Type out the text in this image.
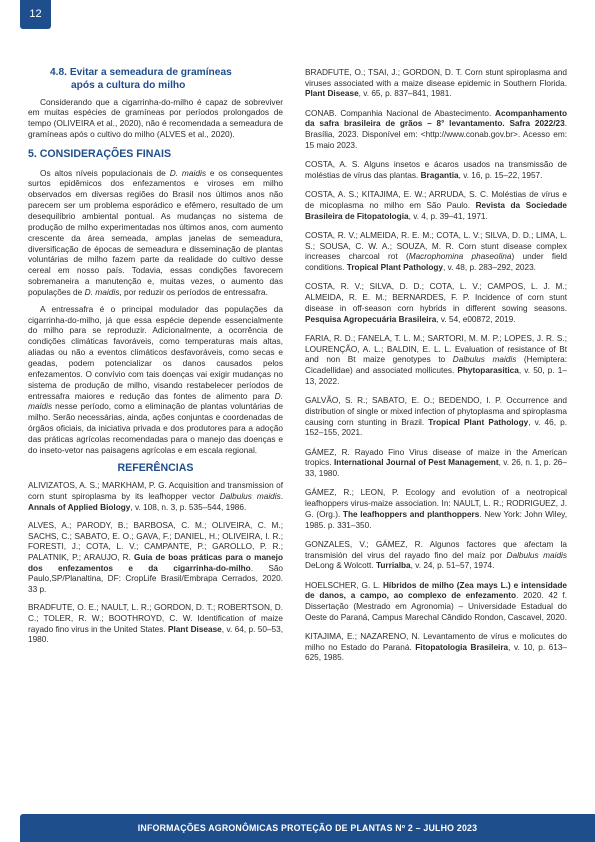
12
4.8. Evitar a semeadura de gramíneas
após a cultura do milho

Considerando que a cigarrinha-do-milho é capaz de sobreviver em muitas espécies de gramíneas por períodos prolongados de tempo (OLIVEIRA et al., 2020), não é recomendada a semeadura de gramíneas após o cultivo do milho (ALVES et al., 2020).

5. CONSIDERAÇÕES FINAIS

Os altos níveis populacionais de D. maidis e os consequentes surtos epidêmicos dos enfezamentos e viroses em milho observados em diversas regiões do Brasil nos últimos anos não parecem ser um problema esporádico e efêmero, resultado de um desequilíbrio ambiental pontual. As mudanças no sistema de produção de milho experimentadas nos últimos anos, com aumento crescente da área semeada, amplas janelas de semeadura, diversificação de épocas de semeadura e disseminação de plantas voluntárias de milho fazem parte da realidade do cultivo desse cereal em nosso país. Todavia, essas condições favorecem sobremaneira a manutenção e, muitas vezes, o aumento das populações de D. maidis, por reduzir os períodos de entressafra.

A entressafra é o principal modulador das populações da cigarrinha-do-milho, já que essa espécie depende essencialmente do milho para se reproduzir. Adicionalmente, a ocorrência de condições climáticas favoráveis, como temperaturas mais altas, aliadas ou não a eventos climáticos desfavoráveis, como secas e geadas, podem potencializar os danos causados pelos enfezamentos. O convívio com tais doenças vai exigir mudanças no sistema de produção de milho, visando restabelecer períodos de entressafra maiores e redução das fontes de alimento para D. maidis nesse período, como a eliminação de plantas voluntárias de milho. Serão necessárias, ainda, ações conjuntas e coordenadas de órgãos oficiais, da iniciativa privada e dos produtores para a adoção das práticas agrícolas recomendadas para o manejo das doenças e do inseto-vetor nas paisagens agrícolas e em escala regional.

REFERÊNCIAS

ALIVIZATOS, A. S.; MARKHAM, P. G. Acquisition and transmission of corn stunt spiroplasma by its leafhopper vector Dalbulus maidis. Annals of Applied Biology, v. 108, n. 3, p. 535–544, 1986.

ALVES, A.; PARODY, B.; BARBOSA, C. M.; OLIVEIRA, C. M.; SACHS, C.; SABATO, E. O.; GAVA, F.; DANIEL, H.; OLIVEIRA, I. R.; FORESTI, J.; COTA, L. V.; CAMPANTE, P.; GAROLLO, P. R.; PALATNIK, P.; ARAUJO, R. Guia de boas práticas para o manejo dos enfezamentos e da cigarrinha-do-milho. São Paulo,SP/Planaltina, DF: CropLife Brasil/Embrapa Cerrados, 2020. 33 p.

BRADFUTE, O. E.; NAULT, L. R.; GORDON, D. T.; ROBERTSON, D. C.; TOLER, R. W.; BOOTHROYD, C. W. Identification of maize rayado fino virus in the United States. Plant Disease, v. 64, p. 50–53, 1980.

BRADFUTE, O.; TSAI, J.; GORDON, D. T. Corn stunt spiroplasma and viruses associated with a maize disease epidemic in Southern Florida. Plant Disease, v. 65, p. 837–841, 1981.

CONAB. Companhia Nacional de Abastecimento. Acompanhamento da safra brasileira de grãos – 8° levantamento. Safra 2022/23. Brasília, 2023. Disponível em: <http://www.conab.gov.br>. Acesso em: 15 maio 2023.

COSTA, A. S. Alguns insetos e ácaros usados na transmissão de moléstias de vírus das plantas. Bragantia, v. 16, p. 15–22, 1957.

COSTA, A. S.; KITAJIMA, E. W.; ARRUDA, S. C. Moléstias de vírus e de micoplasma no milho em São Paulo. Revista da Sociedade Brasileira de Fitopatologia, v. 4, p. 39–41, 1971.

COSTA, R. V.; ALMEIDA, R. E. M.; COTA, L. V.; SILVA, D. D.; LIMA, L. S.; SOUSA, C. W. A.; SOUZA, M. R. Corn stunt disease complex increases charcoal rot (Macrophomina phaseolina) under field conditions. Tropical Plant Pathology, v. 48, p. 283–292, 2023.

COSTA, R. V.; SILVA, D. D.; COTA, L. V.; CAMPOS, L. J. M.; ALMEIDA, R. E. M.; BERNARDES, F. P. Incidence of corn stunt disease in off-season corn hybrids in different sowing seasons. Pesquisa Agropecuária Brasileira, v. 54, e00872, 2019.

FARIA, R. D.; FANELA, T. L. M.; SARTORI, M. M. P.; LOPES, J. R. S.; LOURENÇÃO, A. L.; BALDIN, E. L. L. Evaluation of resistance of Bt and non Bt maize genotypes to Dalbulus maidis (Hemiptera: Cicadellidae) and associated mollicutes. Phytoparasitica, v. 50, p. 1–13, 2022.

GALVÃO, S. R.; SABATO, E. O.; BEDENDO, I. P. Occurrence and distribution of single or mixed infection of phytoplasma and spiroplasma causing corn stunting in Brazil. Tropical Plant Pathology, v. 46, p. 152–155, 2021.

GÁMEZ, R. Rayado Fino Virus disease of maize in the American tropics. International Journal of Pest Management, v. 26, n. 1, p. 26–33, 1980.

GÁMEZ, R.; LEON, P. Ecology and evolution of a neotropical leafhoppers virus-maize association. In: NAULT, L. R.; RODRIGUEZ, J. G. (Org.). The leafhoppers and planthoppers. New York: John Wiley, 1985. p. 331–350.

GONZALES, V.; GÁMEZ, R. Algunos factores que afectam la transmisión del virus del rayado fino del maíz por Dalbulus maidis DeLong & Wolcott. Turrialba, v. 24, p. 51–57, 1974.

HOELSCHER, G. L. Híbridos de milho (Zea mays L.) e intensidade de danos, a campo, ao complexo de enfezamento. 2020. 42 f. Dissertação (Mestrado em Agronomia) – Universidade Estadual do Oeste do Paraná, Campus Marechal Cândido Rondon, Cascavel, 2020.

KITAJIMA, E.; NAZARENO, N. Levantamento de vírus e molicutes do milho no Estado do Paraná. Fitopatologia Brasileira, v. 10, p. 613–625, 1985.

INFORMAÇÕES AGRONÔMICAS PROTEÇÃO DE PLANTAS Nº 2 – JULHO 2023
